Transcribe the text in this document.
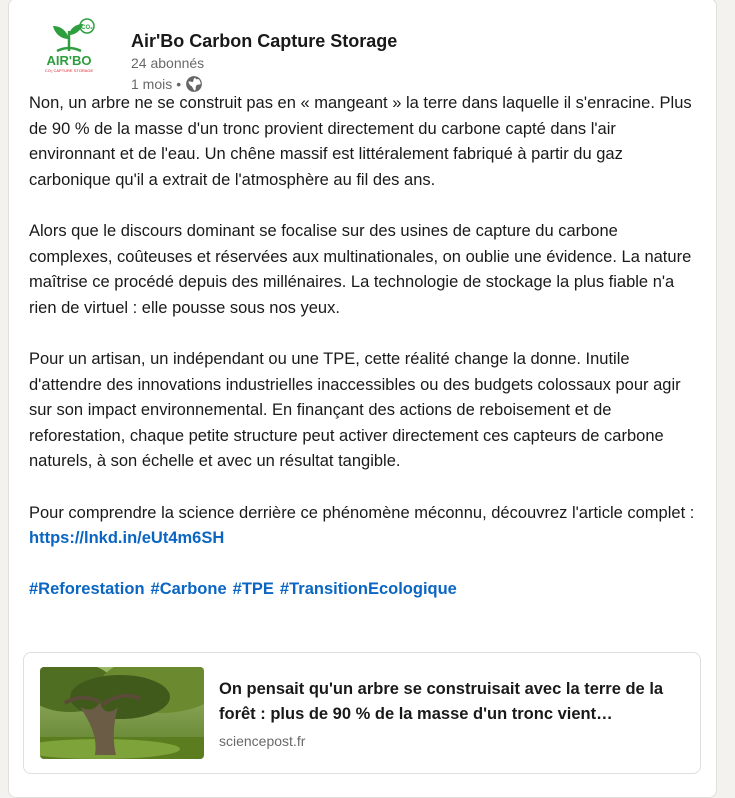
CO₂
AIR'BO
CO₂ CAPTURE STORAGE
Air'Bo Carbon Capture Storage
24 abonnés
1 mois •

Non, un arbre ne se construit pas en « mangeant » la terre dans laquelle il s'enracine. Plus de 90 % de la masse d'un tronc provient directement du carbone capté dans l'air environnant et de l'eau. Un chêne massif est littéralement fabriqué à partir du gaz carbonique qu'il a extrait de l'atmosphère au fil des ans.

Alors que le discours dominant se focalise sur des usines de capture du carbone complexes, coûteuses et réservées aux multinationales, on oublie une évidence. La nature maîtrise ce procédé depuis des millénaires. La technologie de stockage la plus fiable n'a rien de virtuel : elle pousse sous nos yeux.

Pour un artisan, un indépendant ou une TPE, cette réalité change la donne. Inutile d'attendre des innovations industrielles inaccessibles ou des budgets colossaux pour agir sur son impact environnemental. En finançant des actions de reboisement et de reforestation, chaque petite structure peut activer directement ces capteurs de carbone naturels, à son échelle et avec un résultat tangible.

Pour comprendre la science derrière ce phénomène méconnu, découvrez l'article complet :

https://lnkd.in/eUt4m6SH

#Reforestation #Carbone #TPE #TransitionEcologique

On pensait qu'un arbre se construisait avec la terre de la forêt : plus de 90 % de la masse d'un tronc vient…
sciencepost.fr
